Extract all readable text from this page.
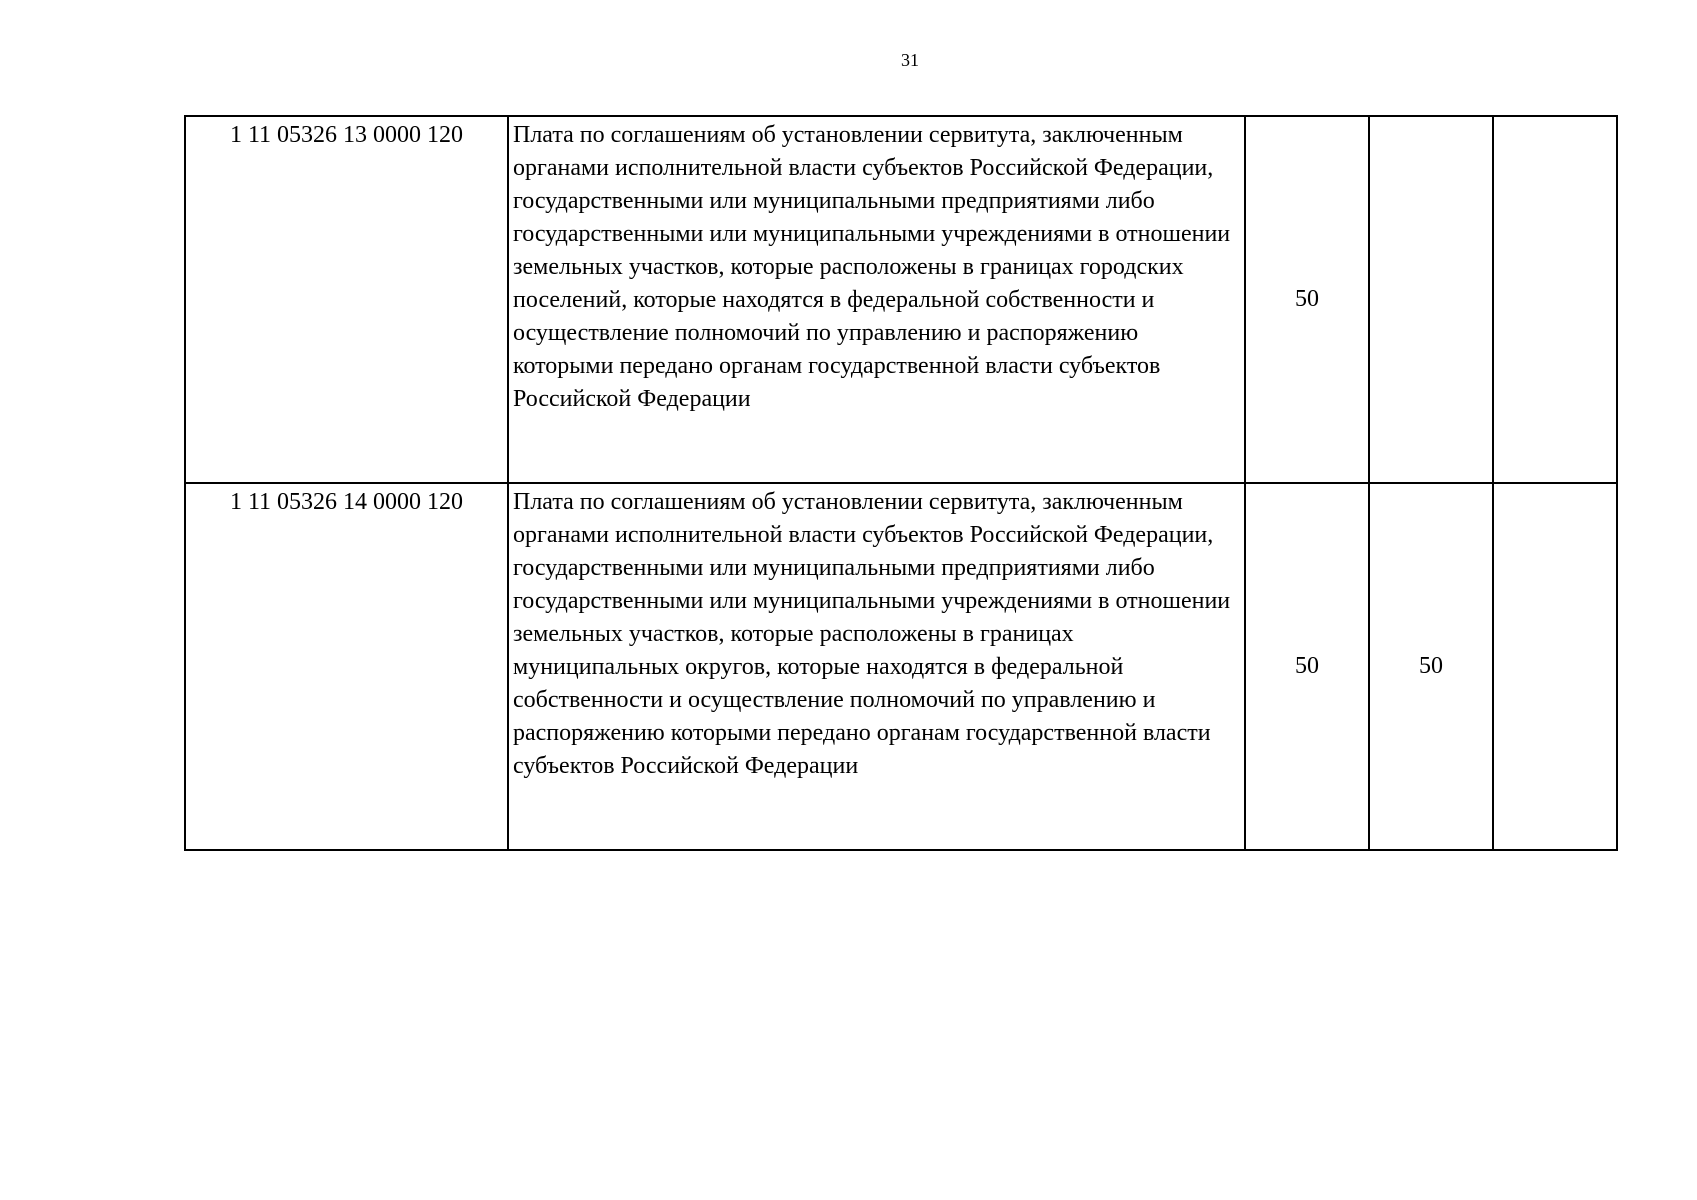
31
1 11 05326 13 0000 120	Плата по соглашениям об установлении сервитута, заключенным органами исполнительной власти субъектов Российской Федерации, государственными или муниципальными предприятиями либо государственными или муниципальными учреждениями в отношении земельных участков, которые расположены в границах городских поселений, которые находятся в федеральной собственности и осуществление полномочий по управлению и распоряжению которыми передано органам государственной власти субъектов Российской Федерации	50		
1 11 05326 14 0000 120	Плата по соглашениям об установлении сервитута, заключенным органами исполнительной власти субъектов Российской Федерации, государственными или муниципальными предприятиями либо государственными или муниципальными учреждениями в отношении земельных участков, которые расположены в границах муниципальных округов, которые находятся в федеральной собственности и осуществление полномочий по управлению и распоряжению которыми передано органам государственной власти субъектов Российской Федерации	50	50	
